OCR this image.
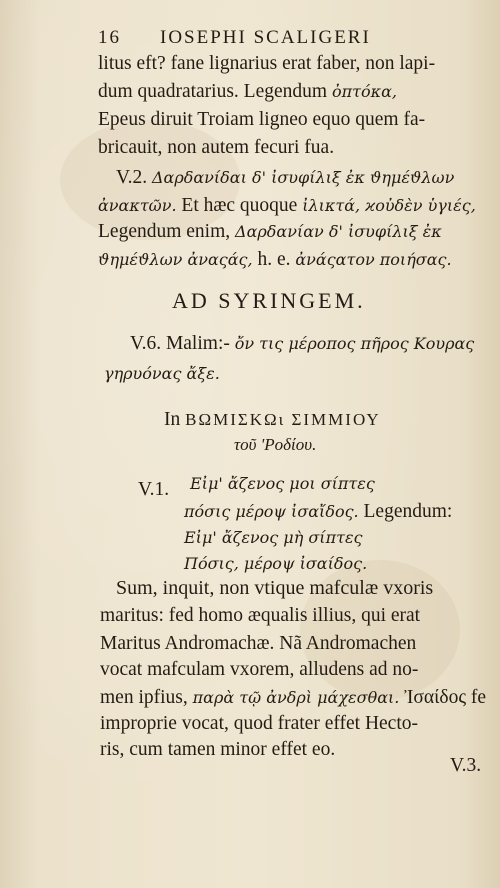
16 IOSEPHI SCALIGERI
litus eft? fane lignarius erat faber, non lapi-
dum quadratarius. Legendum ὀπτόκα,
Epeus diruit Troiam ligneo equo quem fa-
bricauit, non autem fecuri fua.
V.2. Δαρδανίδαι δ' ἰσυφίλιξ ἐκ ϑημέϑλων
ἀνακτῶν. Et hæc quoque ἰλικτά, ϰοὐδὲν ὑγιές,
Legendum enim, Δαρδανίαν δ' ἰσυφίλιξ ἐκ
ϑημέϑλων ἀναςάς, h. e. ἀνάςατον ποιήσας.
AD SYRINGEM.
V.6. Malim:- ὄν τις μέροπος πῆρος Κουρας
γηρυόνας ἄξε.
In ΒΩΜΙΣΚΩι ΣΙΜΜΙΟΥ
τοῦ 'Ροδίου.
V.1. Εἰμ' ἄζενος μοι σίπτες
πόσις μέροψ ἰσαἴδος. Legendum:
Εἰμ' ἄζενος μὴ σίπτες
Πόσις, μέροψ ἰσαίδος.
Sum, inquit, non vtique mafculæ vxoris
maritus: fed homo æqualis illius, qui erat
Maritus Andromachæ. Nã Andromachen
vocat mafculam vxorem, alludens ad no-
men ipfius, παρὰ τῷ ἀνδρὶ μάχεσθαι. Ἰσαίδος fe
improprie vocat, quod frater effet Hecto-
ris, cum tamen minor effet eo.
V.3.
